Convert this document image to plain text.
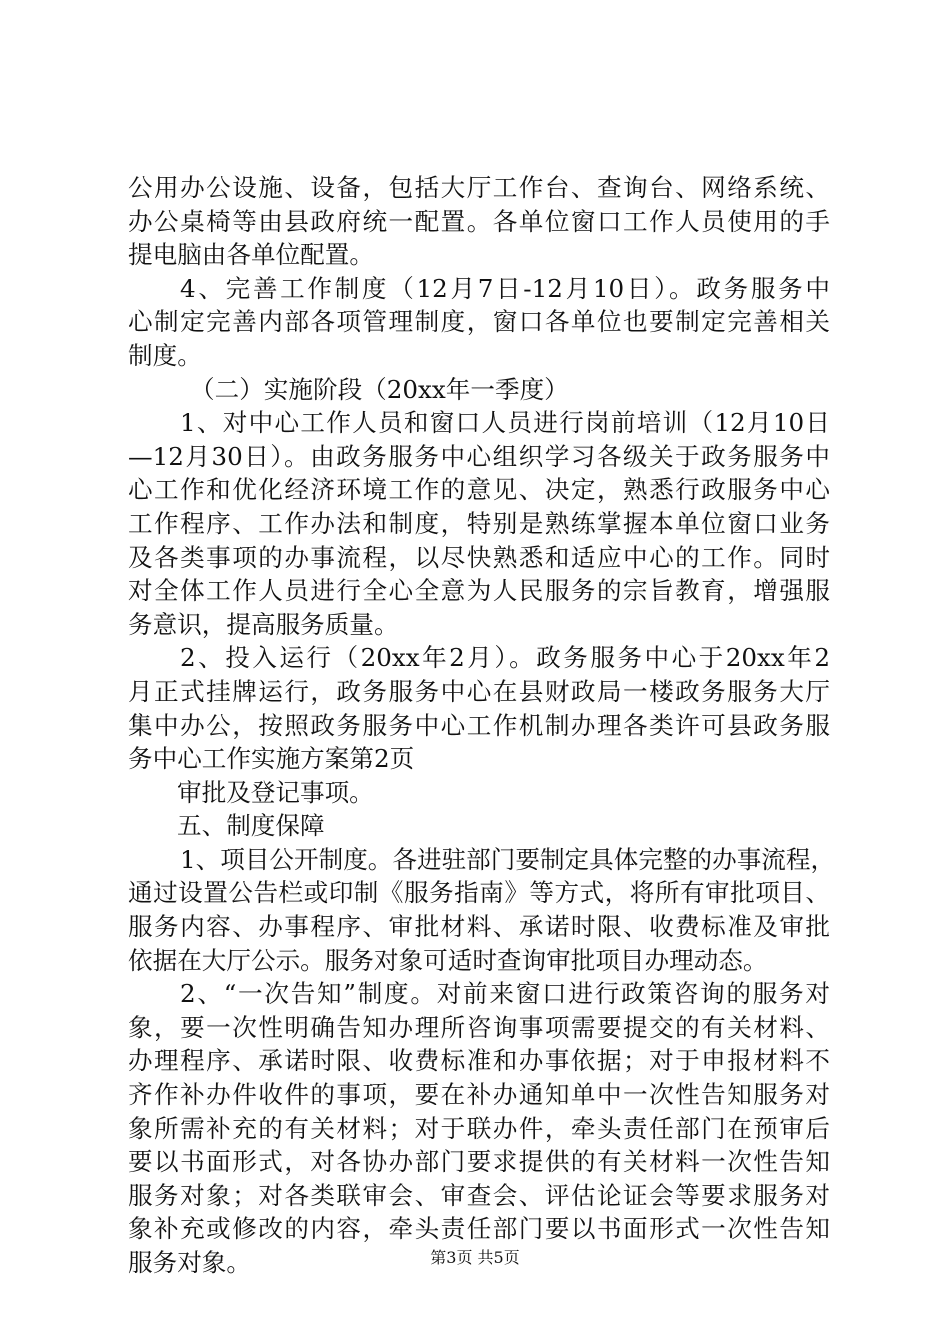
公用办公设施、设备，包括大厅工作台、查询台、网络系统、
办公桌椅等由县政府统一配置。各单位窗口工作人员使用的手
提电脑由各单位配置。
4、完善工作制度（12月7日-12月10日）。政务服务中
心制定完善内部各项管理制度，窗口各单位也要制定完善相关
制度。
（二）实施阶段（20xx年一季度）
1、对中心工作人员和窗口人员进行岗前培训（12月10日
—12月30日）。由政务服务中心组织学习各级关于政务服务中
心工作和优化经济环境工作的意见、决定，熟悉行政服务中心
工作程序、工作办法和制度，特别是熟练掌握本单位窗口业务
及各类事项的办事流程，以尽快熟悉和适应中心的工作。同时
对全体工作人员进行全心全意为人民服务的宗旨教育，增强服
务意识，提高服务质量。
2、投入运行（20xx年2月）。政务服务中心于20xx年2
月正式挂牌运行，政务服务中心在县财政局一楼政务服务大厅
集中办公，按照政务服务中心工作机制办理各类许可县政务服
务中心工作实施方案第2页
审批及登记事项。
五、制度保障
1、项目公开制度。各进驻部门要制定具体完整的办事流程，
通过设置公告栏或印制《服务指南》等方式，将所有审批项目、
服务内容、办事程序、审批材料、承诺时限、收费标准及审批
依据在大厅公示。服务对象可适时查询审批项目办理动态。
2、“一次告知”制度。对前来窗口进行政策咨询的服务对
象，要一次性明确告知办理所咨询事项需要提交的有关材料、
办理程序、承诺时限、收费标准和办事依据；对于申报材料不
齐作补办件收件的事项，要在补办通知单中一次性告知服务对
象所需补充的有关材料；对于联办件，牵头责任部门在预审后
要以书面形式，对各协办部门要求提供的有关材料一次性告知
服务对象；对各类联审会、审查会、评估论证会等要求服务对
象补充或修改的内容，牵头责任部门要以书面形式一次性告知
服务对象。	第3页 共5页
